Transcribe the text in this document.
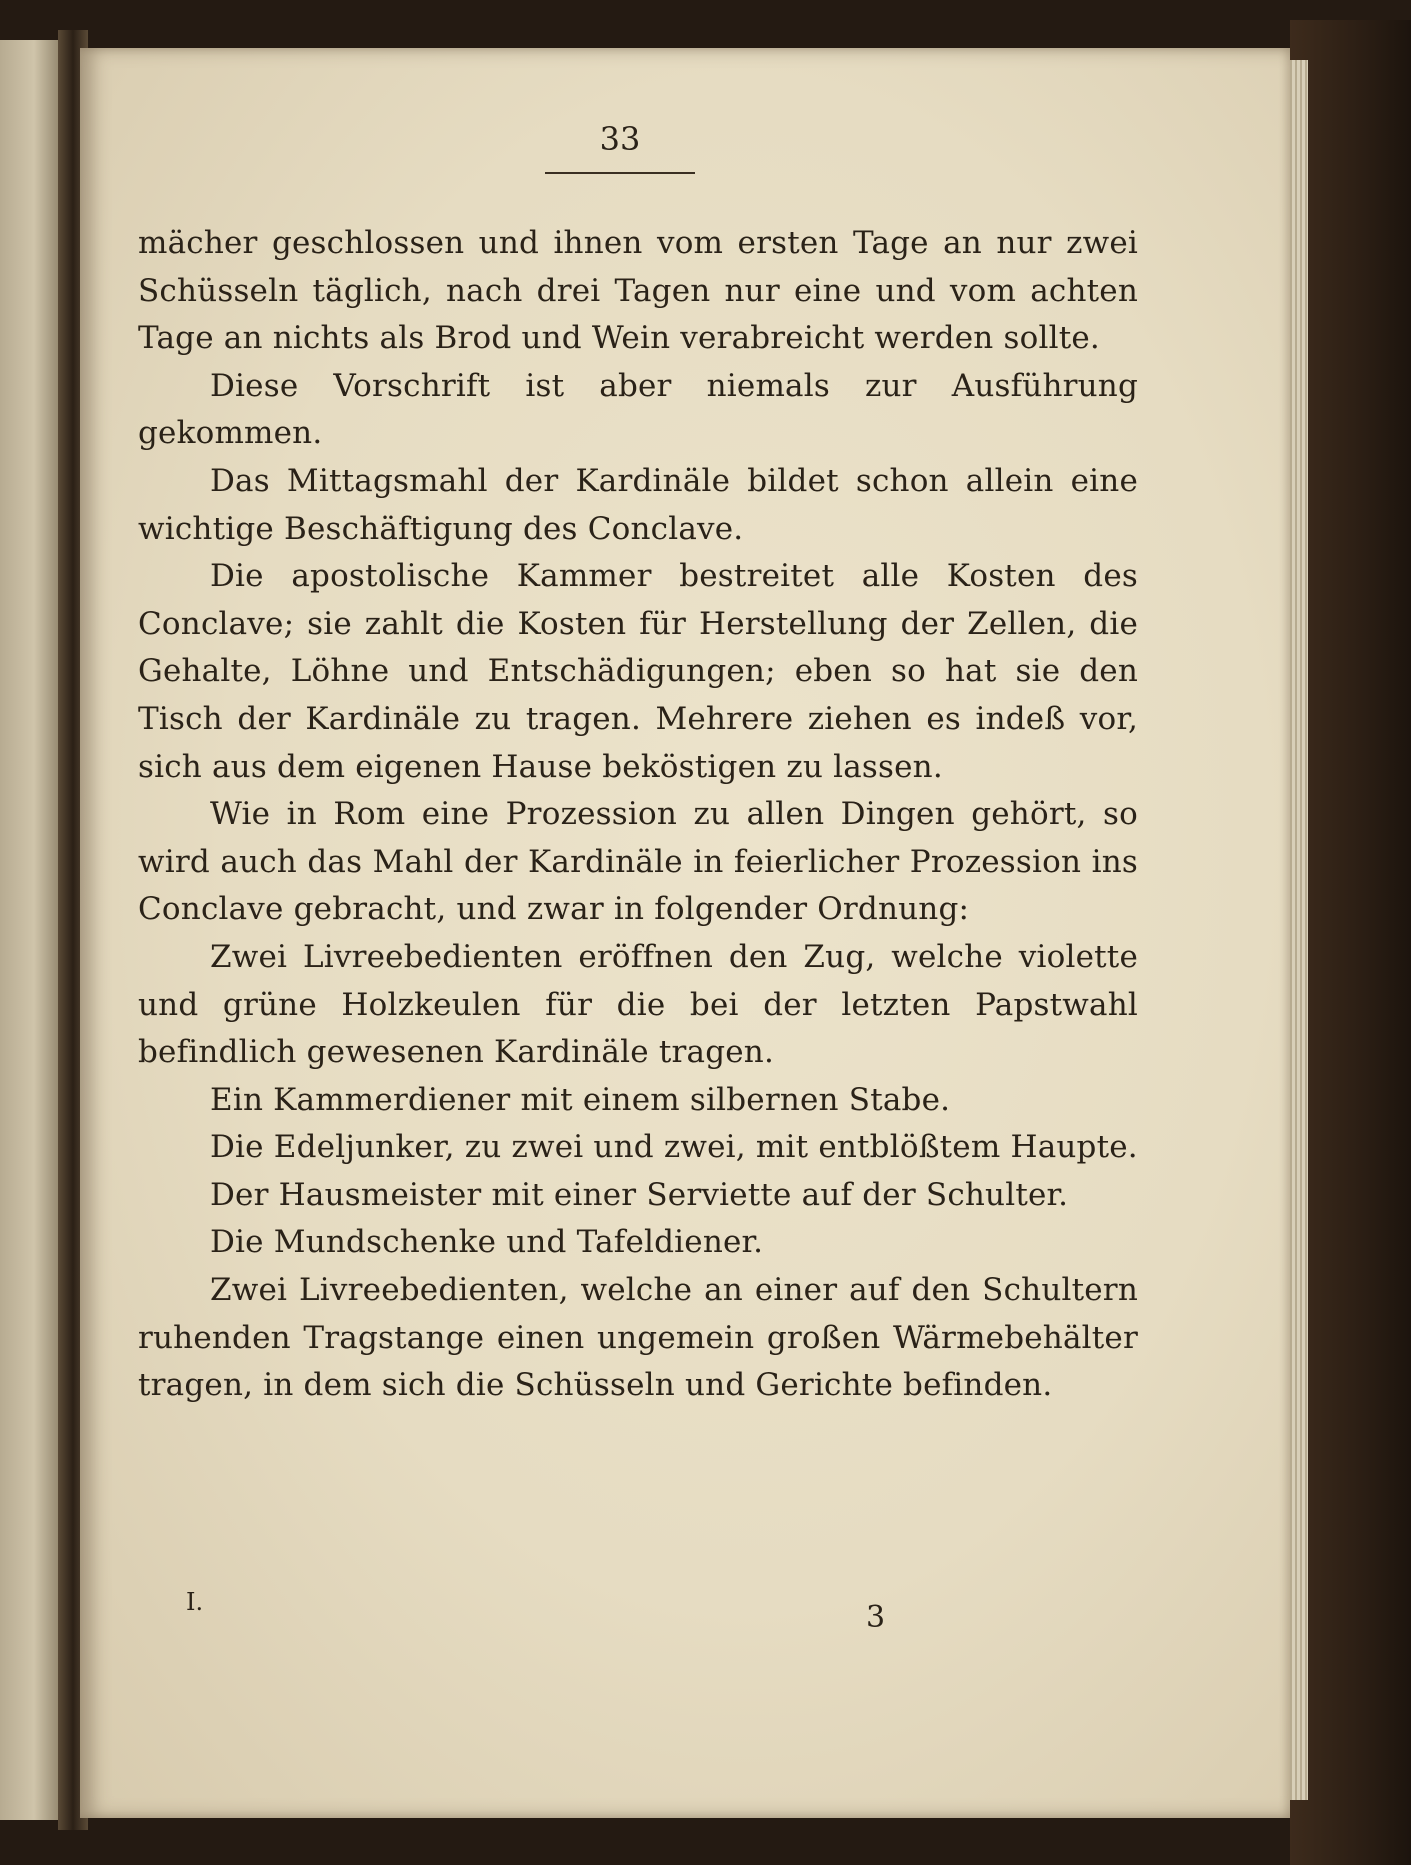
33

mächer geschlossen und ihnen vom ersten Tage an nur zwei Schüsseln täglich, nach drei Tagen nur eine und vom achten Tage an nichts als Brod und Wein verabreicht werden sollte.

Diese Vorschrift ist aber niemals zur Ausführung gekommen.

Das Mittagsmahl der Kardinäle bildet schon allein eine wichtige Beschäftigung des Conclave.

Die apostolische Kammer bestreitet alle Kosten des Conclave; sie zahlt die Kosten für Herstellung der Zellen, die Gehalte, Löhne und Entschädigungen; eben so hat sie den Tisch der Kardinäle zu tragen. Mehrere ziehen es indeß vor, sich aus dem eigenen Hause beköstigen zu lassen.

Wie in Rom eine Prozession zu allen Dingen gehört, so wird auch das Mahl der Kardinäle in feierlicher Prozession ins Conclave gebracht, und zwar in folgender Ordnung:

Zwei Livreebedienten eröffnen den Zug, welche violette und grüne Holzkeulen für die bei der letzten Papstwahl befindlich gewesenen Kardinäle tragen.

Ein Kammerdiener mit einem silbernen Stabe.

Die Edeljunker, zu zwei und zwei, mit entblößtem Haupte.

Der Hausmeister mit einer Serviette auf der Schulter.

Die Mundschenke und Tafeldiener.

Zwei Livreebedienten, welche an einer auf den Schultern ruhenden Tragstange einen ungemein großen Wärmebehälter tragen, in dem sich die Schüsseln und Gerichte befinden.

I.	3
